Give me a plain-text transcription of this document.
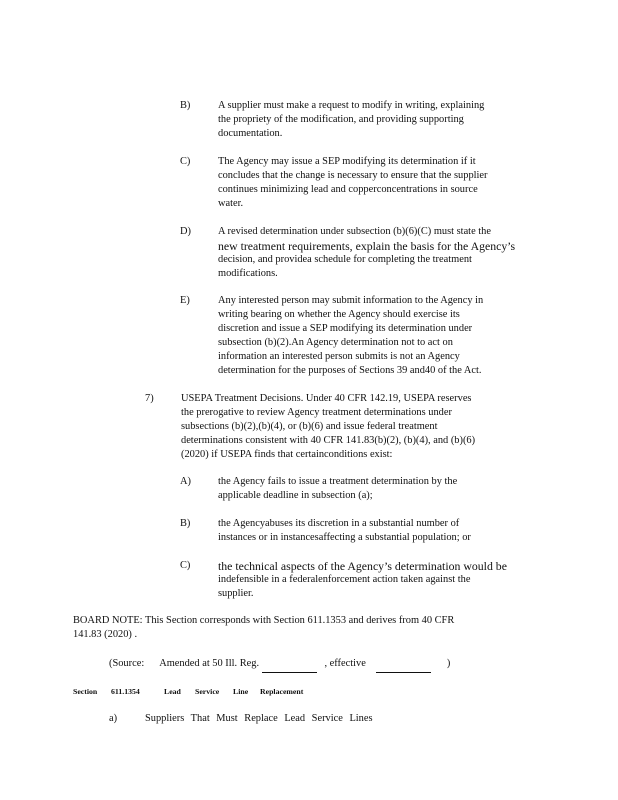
B)	A supplier must make a request to modify in writing, explaining
the propriety of the modification, and providing supporting
documentation.
C)	The Agency may issue a SEP modifying its determination if it
concludes that the change is necessary to ensure that the supplier
continues minimizing lead and copperconcentrations in source
water.
D)	A revised determination under subsection (b)(6)(C) must state the
new treatment requirements, explain the basis for the Agency’s
decision, and providea schedule for completing the treatment
modifications.
E)	Any interested person may submit information to the Agency in
writing bearing on whether the Agency should exercise its
discretion and issue a SEP modifying its determination under
subsection (b)(2).An Agency determination not to act on
information an interested person submits is not an Agency
determination for the purposes of Sections 39 and40 of the Act.
7)	USEPA Treatment Decisions. Under 40 CFR 142.19, USEPA reserves
the prerogative to review Agency treatment determinations under
subsections (b)(2),(b)(4), or (b)(6) and issue federal treatment
determinations consistent with 40 CFR 141.83(b)(2), (b)(4), and (b)(6)
(2020) if USEPA finds that certainconditions exist:
A)	the Agency fails to issue a treatment determination by the
applicable deadline in subsection (a);
B)	the Agencyabuses its discretion in a substantial number of
instances or in instancesaffecting a substantial population; or
C) the technical aspects of the Agency’s determination would be
indefensible in a federalenforcement action taken against the
supplier.
BOARD NOTE: This Section corresponds with Section 611.1353 and derives from 40 CFR
141.83 (2020) .
(Source: Amended at 50 Ill. Reg.	, effective	)
Section 611.1354	Lead Service Line Replacement
a)	Suppliers That Must Replace Lead Service Lines
